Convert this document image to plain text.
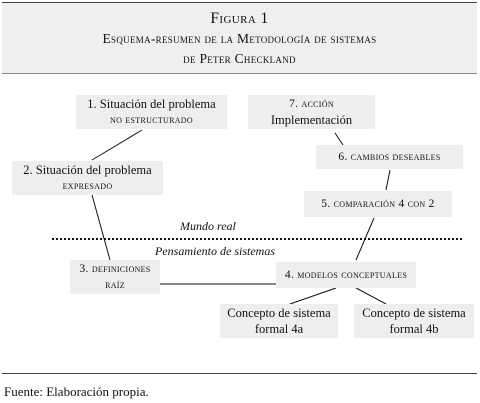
Figura 1
Esquema-resumen de la Metodología de sistemas
de Peter Checkland
1. Situación del problema
no estructurado
7. acción
Implementación
6. cambios deseables
2. Situación del problema
expresado
5. comparación 4 con 2
Mundo real
Pensamiento de sistemas
3. definiciones
raíz
4. modelos conceptuales
Concepto de sistema
formal 4a
Concepto de sistema
formal 4b
Fuente: Elaboración propia.
